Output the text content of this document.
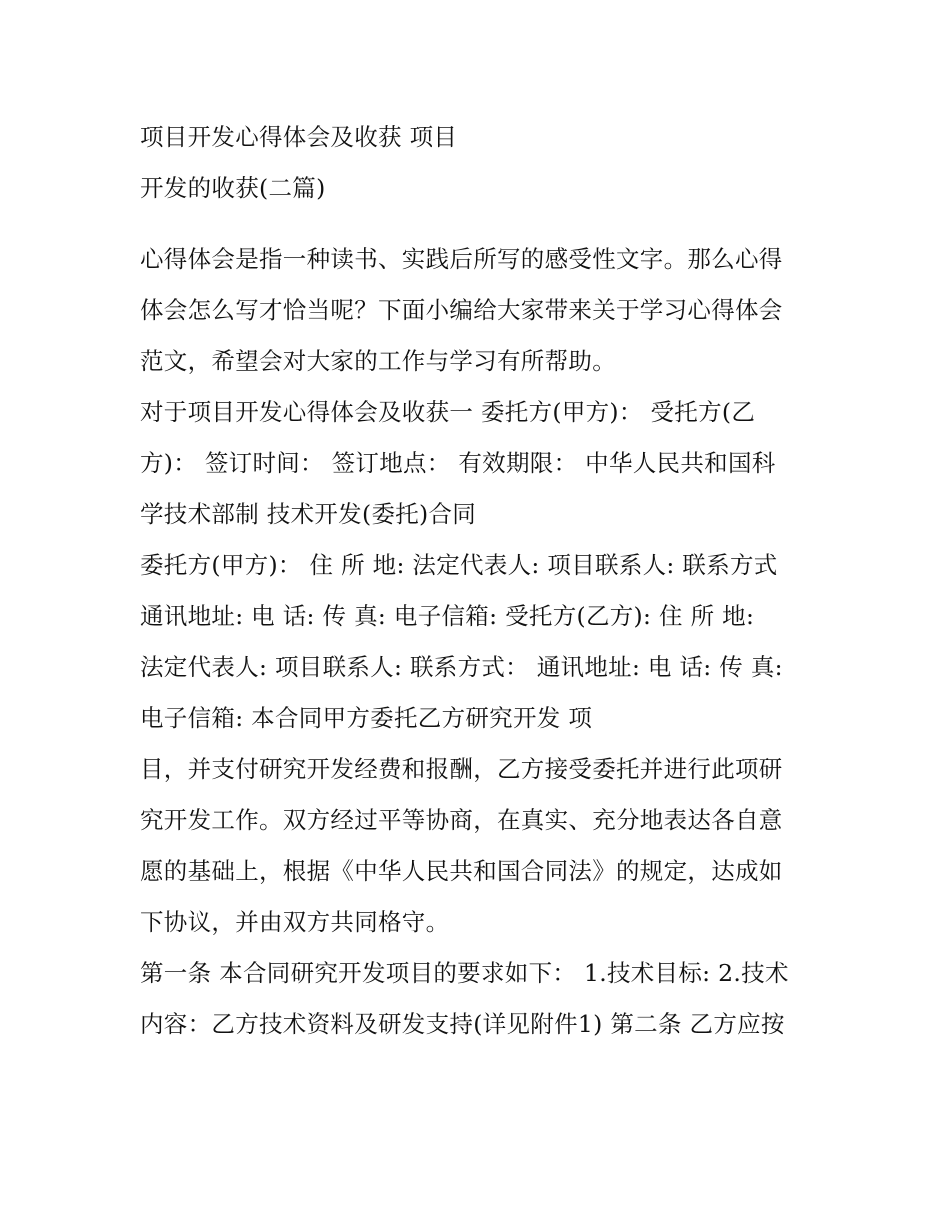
项目开发心得体会及收获 项目
开发的收获(二篇)
心得体会是指一种读书、实践后所写的感受性文字。那么心得
体会怎么写才恰当呢？下面小编给大家带来关于学习心得体会
范文，希望会对大家的工作与学习有所帮助。
对于项目开发心得体会及收获一 委托方(甲方)： 受托方(乙
方)： 签订时间： 签订地点： 有效期限： 中华人民共和国科
学技术部制 技术开发(委托)合同
委托方(甲方)： 住 所 地: 法定代表人: 项目联系人: 联系方式
通讯地址: 电 话: 传 真: 电子信箱: 受托方(乙方): 住 所 地:
法定代表人: 项目联系人: 联系方式： 通讯地址: 电 话: 传 真:
电子信箱: 本合同甲方委托乙方研究开发 项
目，并支付研究开发经费和报酬，乙方接受委托并进行此项研
究开发工作。双方经过平等协商，在真实、充分地表达各自意
愿的基础上，根据《中华人民共和国合同法》的规定，达成如
下协议，并由双方共同格守。
第一条 本合同研究开发项目的要求如下： 1.技术目标: 2.技术
内容：乙方技术资料及研发支持(详见附件1) 第二条 乙方应按
